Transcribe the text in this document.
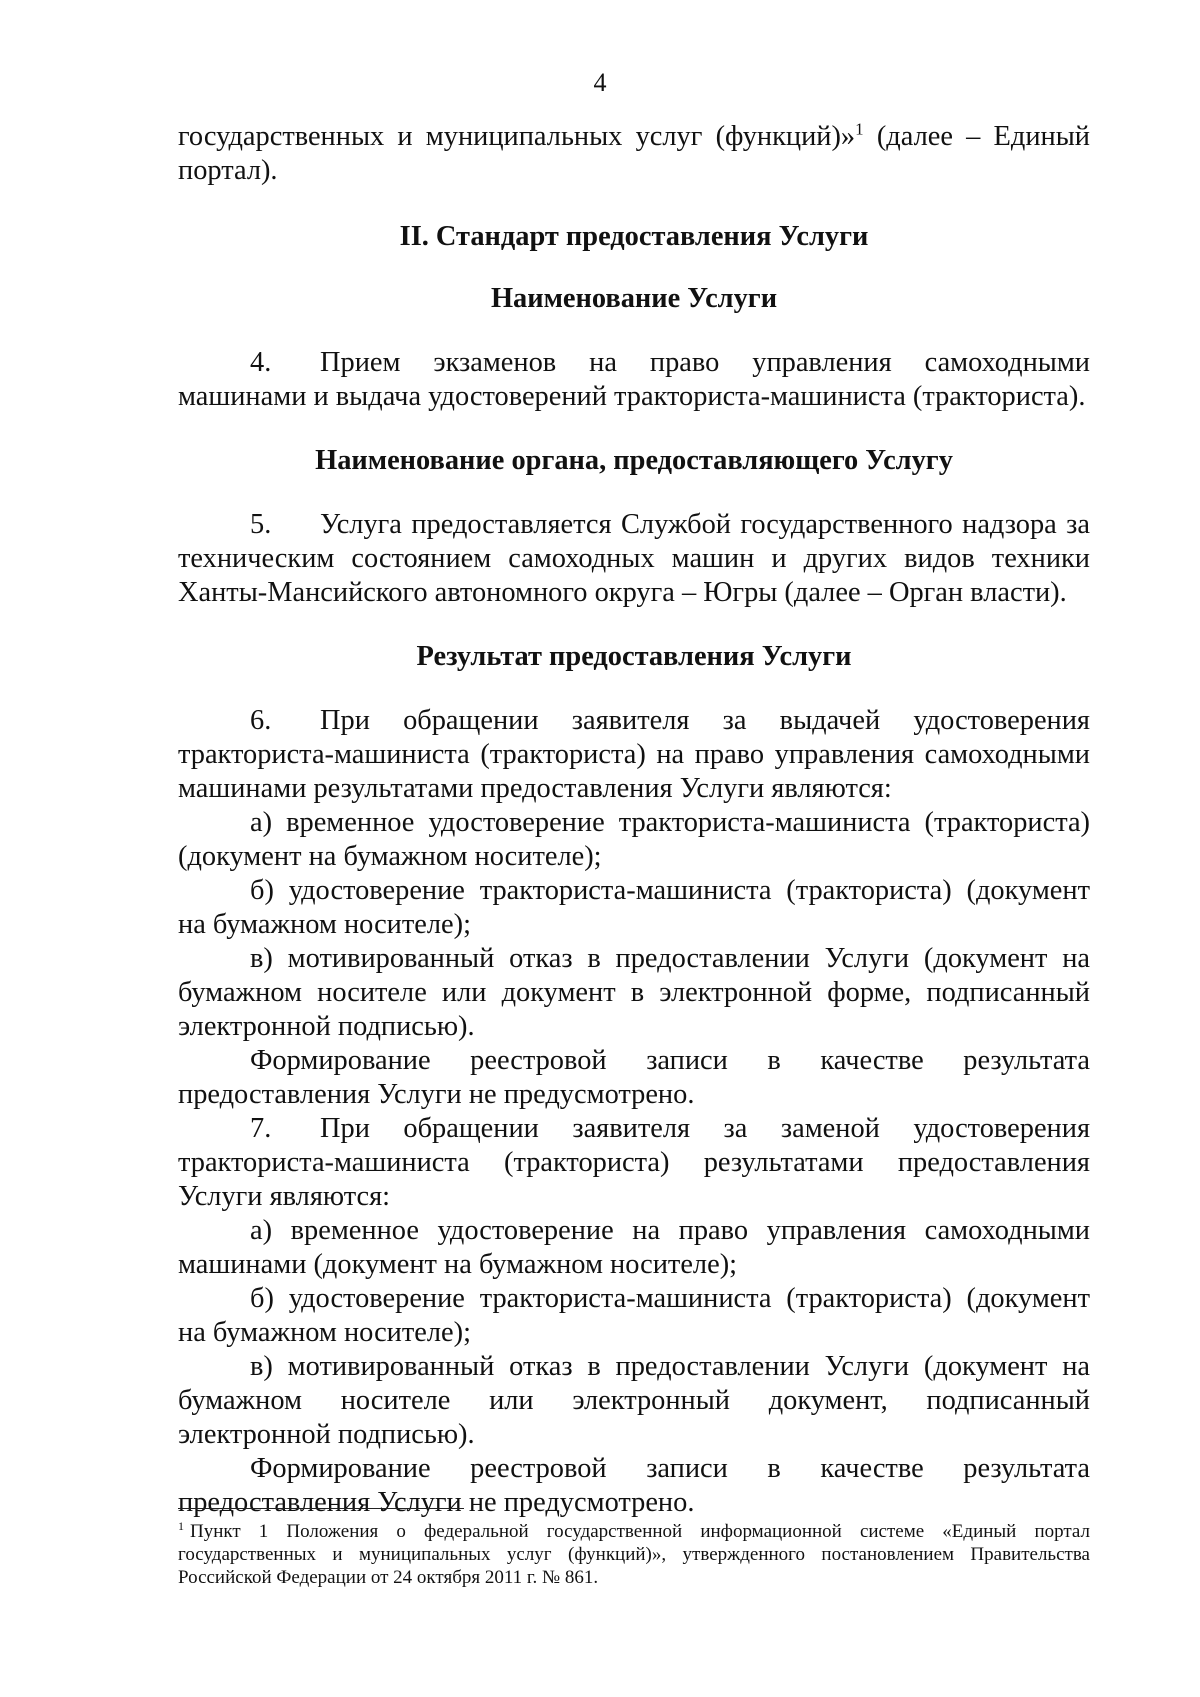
4

государственных и муниципальных услуг (функций)»$^1$ (далее – Единый портал).

II. Стандарт предоставления Услуги
Наименование Услуги

4. Прием экзаменов на право управления самоходными машинами и выдача удостоверений тракториста-машиниста (тракториста).

Наименование органа, предоставляющего Услугу

5. Услуга предоставляется Службой государственного надзора за техническим состоянием самоходных машин и других видов техники Ханты-Мансийского автономного округа – Югры (далее – Орган власти).

Результат предоставления Услуги

6. При обращении заявителя за выдачей удостоверения тракториста-машиниста (тракториста) на право управления самоходными машинами результатами предоставления Услуги являются:

а) временное удостоверение тракториста-машиниста (тракториста) (документ на бумажном носителе);

б) удостоверение тракториста-машиниста (тракториста) (документ на бумажном носителе);

в) мотивированный отказ в предоставлении Услуги (документ на бумажном носителе или документ в электронной форме, подписанный электронной подписью).

Формирование реестровой записи в качестве результата предоставления Услуги не предусмотрено.

7. При обращении заявителя за заменой удостоверения тракториста-машиниста (тракториста) результатами предоставления Услуги являются:

а) временное удостоверение на право управления самоходными машинами (документ на бумажном носителе);

б) удостоверение тракториста-машиниста (тракториста) (документ на бумажном носителе);

в) мотивированный отказ в предоставлении Услуги (документ на бумажном носителе или электронный документ, подписанный электронной подписью).

Формирование реестровой записи в качестве результата предоставления Услуги не предусмотрено.

$^1$ Пункт 1 Положения о федеральной государственной информационной системе «Единый портал государственных и муниципальных услуг (функций)», утвержденного постановлением Правительства Российской Федерации от 24 октября 2011 г. № 861.
